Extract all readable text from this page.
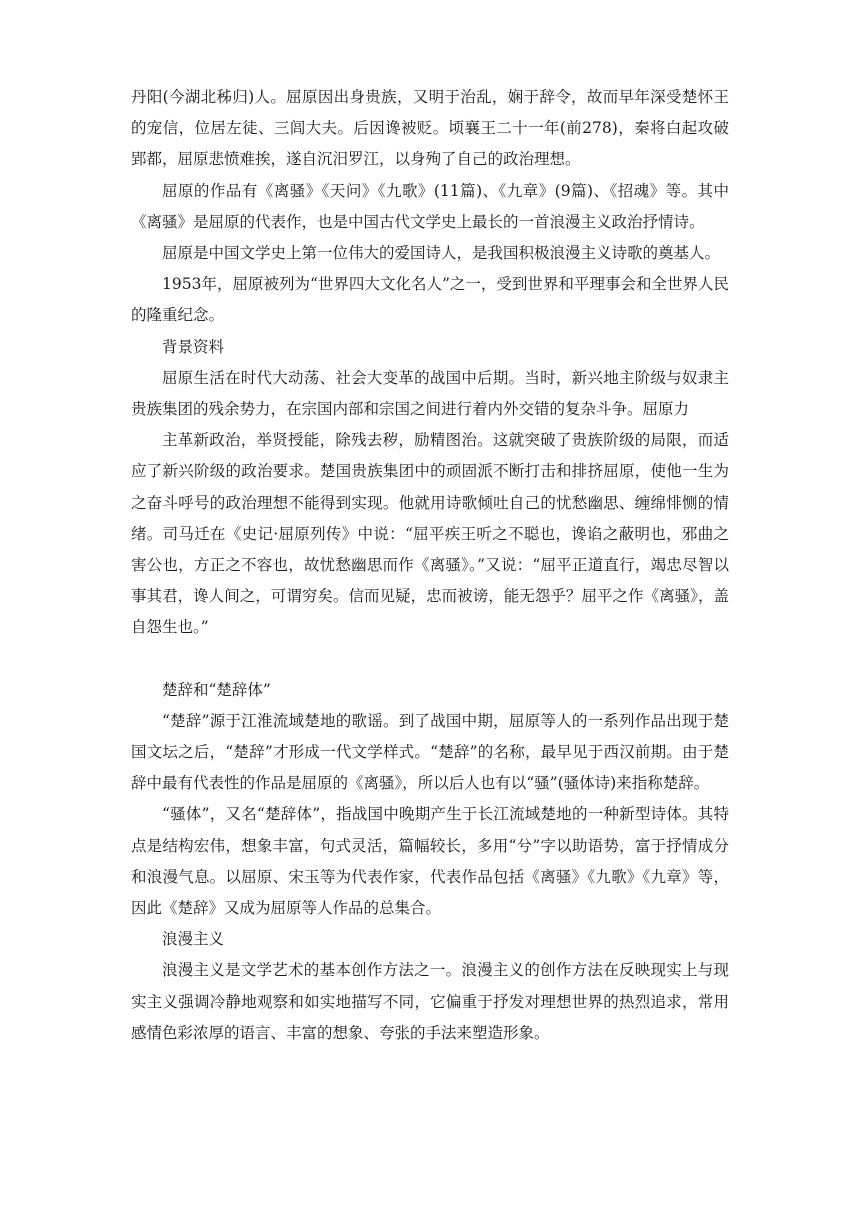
丹阳(今湖北秭归)人。屈原因出身贵族，又明于治乱，娴于辞令，故而早年深受楚怀王的宠信，位居左徒、三闾大夫。后因谗被贬。顷襄王二十一年(前278)，秦将白起攻破郢都，屈原悲愤难挨，遂自沉汨罗江，以身殉了自己的政治理想。

屈原的作品有《离骚》《天问》《九歌》(11篇)、《九章》(9篇)、《招魂》等。其中《离骚》是屈原的代表作，也是中国古代文学史上最长的一首浪漫主义政治抒情诗。

屈原是中国文学史上第一位伟大的爱国诗人，是我国积极浪漫主义诗歌的奠基人。

1953年，屈原被列为“世界四大文化名人”之一，受到世界和平理事会和全世界人民的隆重纪念。

背景资料

屈原生活在时代大动荡、社会大变革的战国中后期。当时，新兴地主阶级与奴隶主贵族集团的残余势力，在宗国内部和宗国之间进行着内外交错的复杂斗争。屈原力

主革新政治，举贤授能，除残去秽，励精图治。这就突破了贵族阶级的局限，而适应了新兴阶级的政治要求。楚国贵族集团中的顽固派不断打击和排挤屈原，使他一生为之奋斗呼号的政治理想不能得到实现。他就用诗歌倾吐自己的忧愁幽思、缠绵悱恻的情绪。司马迁在《史记·屈原列传》中说：“屈平疾王听之不聪也，谗谄之蔽明也，邪曲之害公也，方正之不容也，故忧愁幽思而作《离骚》。”又说：“屈平正道直行，竭忠尽智以事其君，谗人间之，可谓穷矣。信而见疑，忠而被谤，能无怨乎？屈平之作《离骚》，盖自怨生也。”

楚辞和“楚辞体”

“楚辞”源于江淮流域楚地的歌谣。到了战国中期，屈原等人的一系列作品出现于楚国文坛之后，“楚辞”才形成一代文学样式。“楚辞”的名称，最早见于西汉前期。由于楚辞中最有代表性的作品是屈原的《离骚》，所以后人也有以“骚”(骚体诗)来指称楚辞。

“骚体”，又名“楚辞体”，指战国中晚期产生于长江流域楚地的一种新型诗体。其特点是结构宏伟，想象丰富，句式灵活，篇幅较长，多用“兮”字以助语势，富于抒情成分和浪漫气息。以屈原、宋玉等为代表作家，代表作品包括《离骚》《九歌》《九章》等，因此《楚辞》又成为屈原等人作品的总集合。

浪漫主义

浪漫主义是文学艺术的基本创作方法之一。浪漫主义的创作方法在反映现实上与现实主义强调冷静地观察和如实地描写不同，它偏重于抒发对理想世界的热烈追求，常用感情色彩浓厚的语言、丰富的想象、夸张的手法来塑造形象。
